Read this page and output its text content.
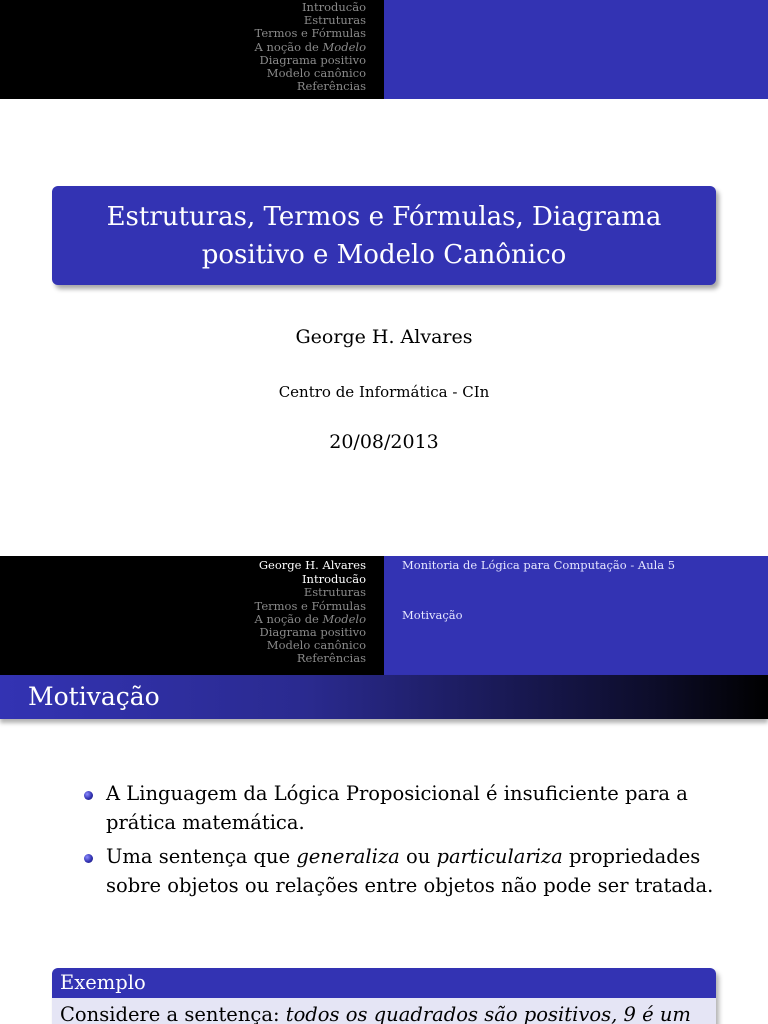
Introducão
Estruturas
Termos e Fórmulas
A noção de Modelo
Diagrama positivo
Modelo canônico
Referências
Estruturas, Termos e Fórmulas, Diagrama positivo e Modelo Canônico
George H. Alvares
Centro de Informática - CIn
20/08/2013
George H. Alvares
Introducão
Estruturas
Termos e Fórmulas
A noção de Modelo
Diagrama positivo
Modelo canônico
Referências
Monitoria de Lógica para Computação - Aula 5
Motivação
Motivação
A Linguagem da Lógica Proposicional é insuficiente para a prática matemática.
Uma sentença que generaliza ou particulariza propriedades sobre objetos ou relações entre objetos não pode ser tratada.
Exemplo
Considere a sentença: todos os quadrados são positivos, 9 é um
